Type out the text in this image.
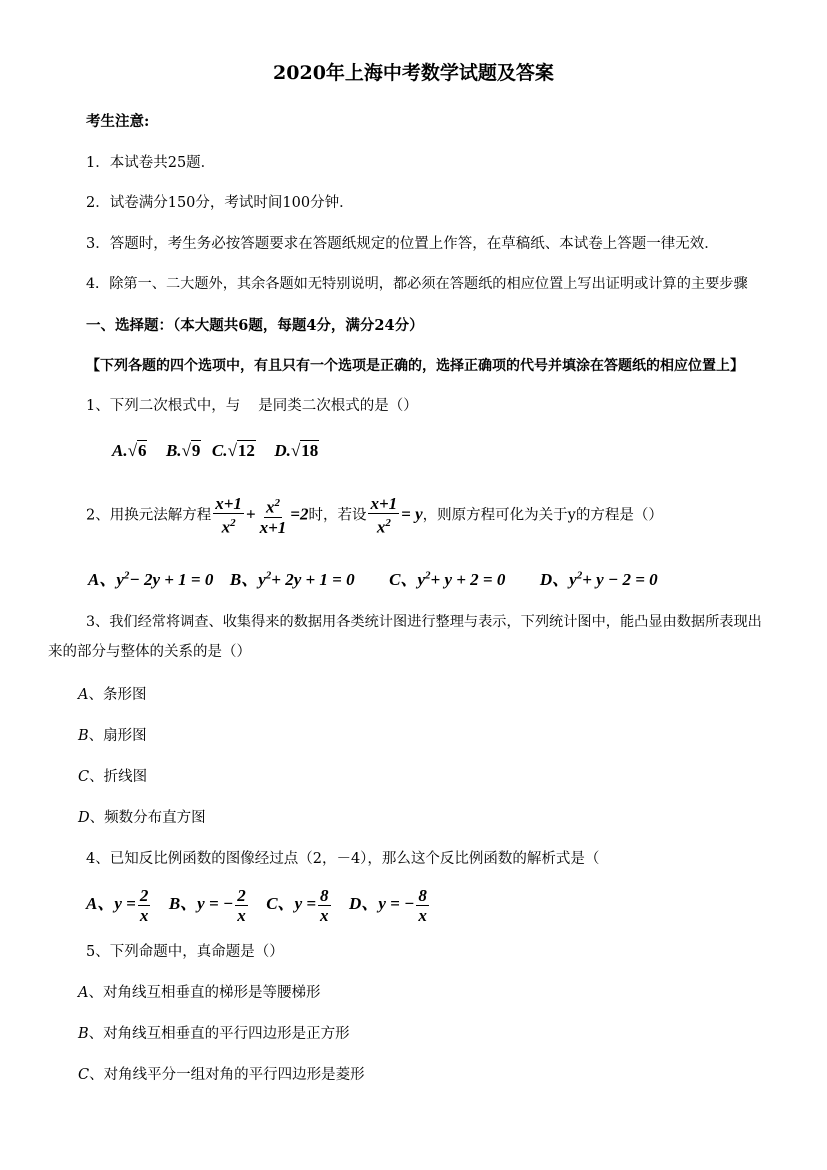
2020年上海中考数学试题及答案
考生注意:
1．本试卷共25题．
2．试卷满分150分，考试时间100分钟．
3．答题时，考生务必按答题要求在答题纸规定的位置上作答，在草稿纸、本试卷上答题一律无效．
4．除第一、二大题外，其余各题如无特别说明，都必须在答题纸的相应位置上写出证明或计算的主要步骤
一、选择题：（本大题共6题，每题4分，满分24分）
【下列各题的四个选项中，有且只有一个选项是正确的，选择正确项的代号并填涂在答题纸的相应位置上】
1、下列二次根式中，与 是同类二次根式的是（）
A.√6 B.√9 C.√12 D.√18
2、用换元法解方程 $\frac{x+1}{x^2} + \frac{x^2}{x+1} =2$时，若设 $\frac{x+1}{x^2} = y$，则原方程可化为关于y的方程是（）
A、$y^2- 2y + 1 = 0$ B、$y^2+ 2y + 1 = 0$ C、$y^2+ y + 2 = 0$ D、$y^2+ y - 2 = 0$
3、我们经常将调查、收集得来的数据用各类统计图进行整理与表示，下列统计图中，能凸显由数据所表现出
来的部分与整体的关系的是（）
A、条形图
B、扇形图
C、折线图
D、频数分布直方图
4、已知反比例函数的图像经过点（2，－4），那么这个反比例函数的解析式是（
A、$y = \frac{2}{x}$ B、y = − $\frac{2}{x}$ C、$y = \frac{8}{x}$ D、y = − $\frac{8}{x}$
5、下列命题中，真命题是（）
A、对角线互相垂直的梯形是等腰梯形
B、对角线互相垂直的平行四边形是正方形
C、对角线平分一组对角的平行四边形是菱形
